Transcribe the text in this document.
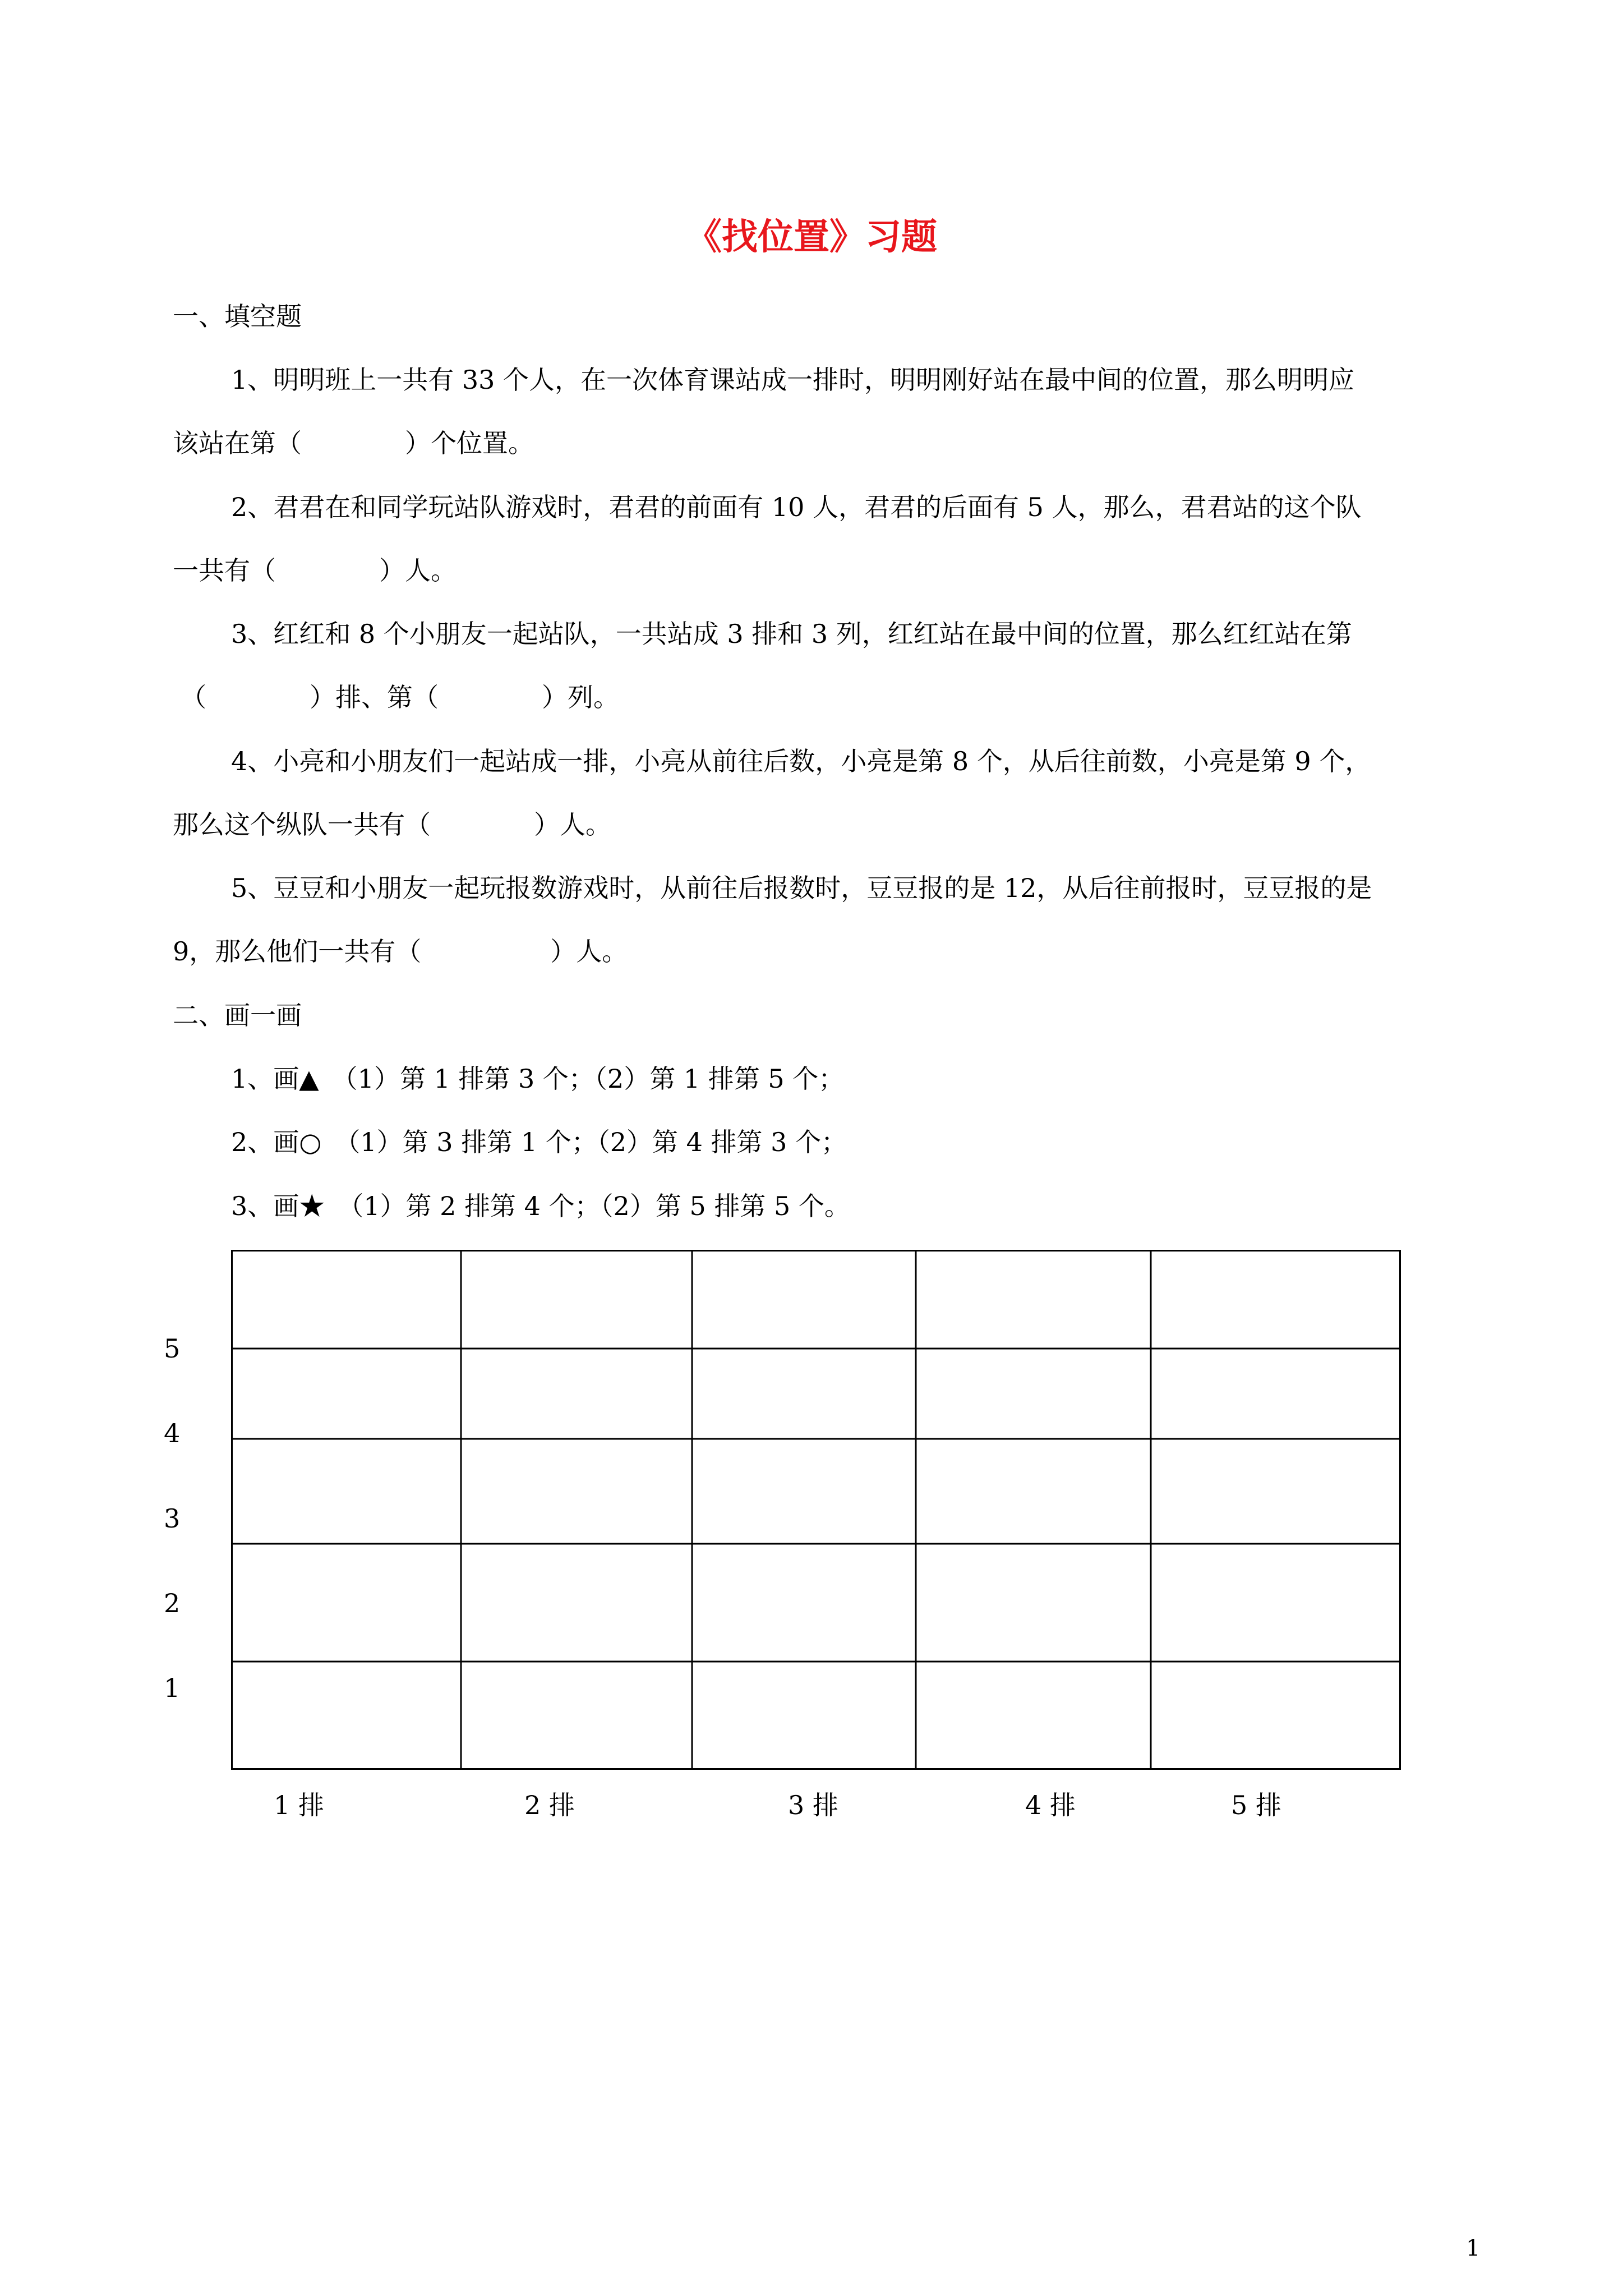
《找位置》习题
一、填空题
1、明明班上一共有 33 个人，在一次体育课站成一排时，明明刚好站在最中间的位置，那么明明应
该站在第（　　　　）个位置。
2、君君在和同学玩站队游戏时，君君的前面有 10 人，君君的后面有 5 人，那么，君君站的这个队
一共有（　　　　）人。
3、红红和 8 个小朋友一起站队，一共站成 3 排和 3 列，红红站在最中间的位置，那么红红站在第
（　　　　）排、第（　　　　）列。
4、小亮和小朋友们一起站成一排，小亮从前往后数，小亮是第 8 个，从后往前数，小亮是第 9 个，
那么这个纵队一共有（　　　　）人。
5、豆豆和小朋友一起玩报数游戏时，从前往后报数时，豆豆报的是 12，从后往前报时，豆豆报的是
9，那么他们一共有（　　　　　）人。
二、画一画
1、画▲　（1）第 1 排第 3 个；（2）第 1 排第 5 个；
2、画○　（1）第 3 排第 1 个；（2）第 4 排第 3 个；
3、画★　（1）第 2 排第 4 个；（2）第 5 排第 5 个。
5
4
3
2
1
1 排	2 排	3 排	4 排	5 排
1
